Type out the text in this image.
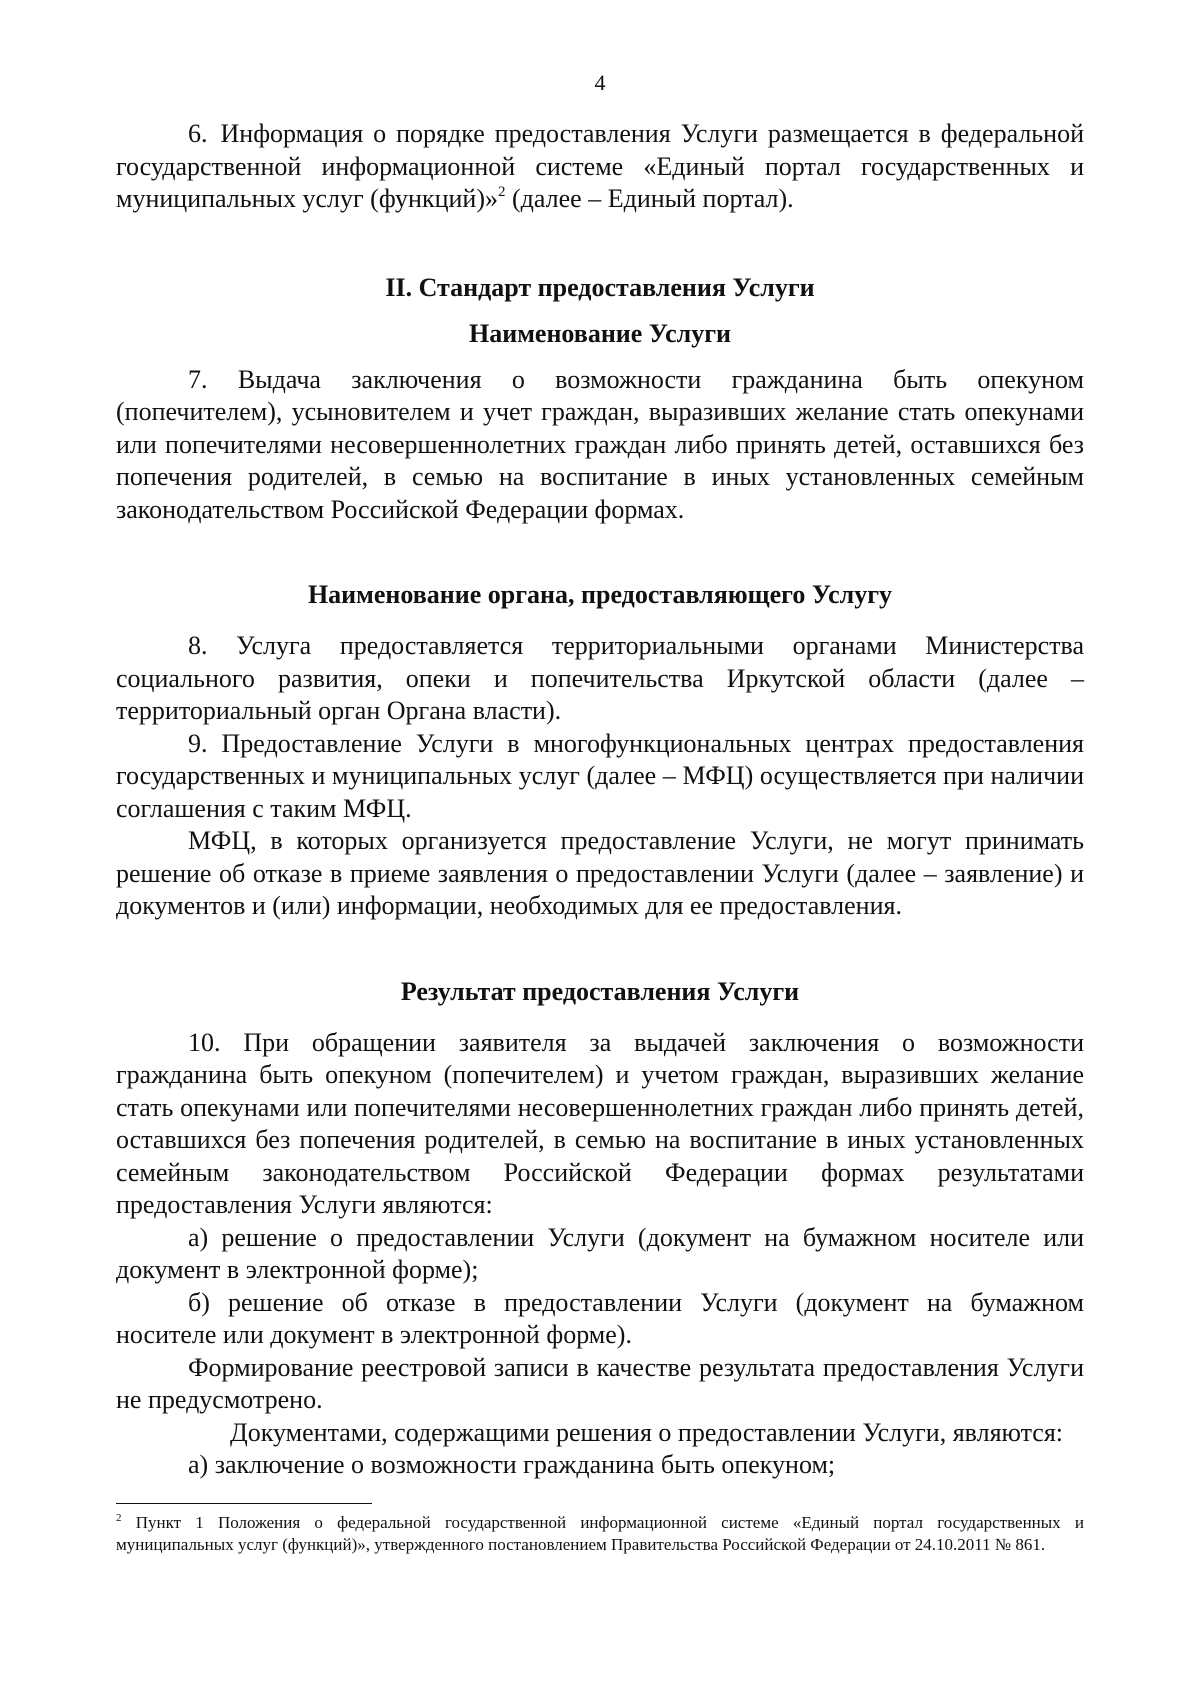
4

6. Информация о порядке предоставления Услуги размещается в федеральной государственной информационной системе «Единый портал государственных и муниципальных услуг (функций)»$^2$ (далее – Единый портал).

II. Стандарт предоставления Услуги
Наименование Услуги

7. Выдача заключения о возможности гражданина быть опекуном (попечителем), усыновителем и учет граждан, выразивших желание стать опекунами или попечителями несовершеннолетних граждан либо принять детей, оставшихся без попечения родителей, в семью на воспитание в иных установленных семейным законодательством Российской Федерации формах.

Наименование органа, предоставляющего Услугу

8. Услуга предоставляется территориальными органами Министерства социального развития, опеки и попечительства Иркутской области (далее – территориальный орган Органа власти).

9. Предоставление Услуги в многофункциональных центрах предоставления государственных и муниципальных услуг (далее – МФЦ) осуществляется при наличии соглашения с таким МФЦ.

МФЦ, в которых организуется предоставление Услуги, не могут принимать решение об отказе в приеме заявления о предоставлении Услуги (далее – заявление) и документов и (или) информации, необходимых для ее предоставления.

Результат предоставления Услуги

10. При обращении заявителя за выдачей заключения о возможности гражданина быть опекуном (попечителем) и учетом граждан, выразивших желание стать опекунами или попечителями несовершеннолетних граждан либо принять детей, оставшихся без попечения родителей, в семью на воспитание в иных установленных семейным законодательством Российской Федерации формах результатами предоставления Услуги являются:

а) решение о предоставлении Услуги (документ на бумажном носителе или документ в электронной форме);

б) решение об отказе в предоставлении Услуги (документ на бумажном носителе или документ в электронной форме).

Формирование реестровой записи в качестве результата предоставления Услуги не предусмотрено.

Документами, содержащими решения о предоставлении Услуги, являются:

а) заключение о возможности гражданина быть опекуном;

$^2$ Пункт 1 Положения о федеральной государственной информационной системе «Единый портал государственных и муниципальных услуг (функций)», утвержденного постановлением Правительства Российской Федерации от 24.10.2011 № 861.
